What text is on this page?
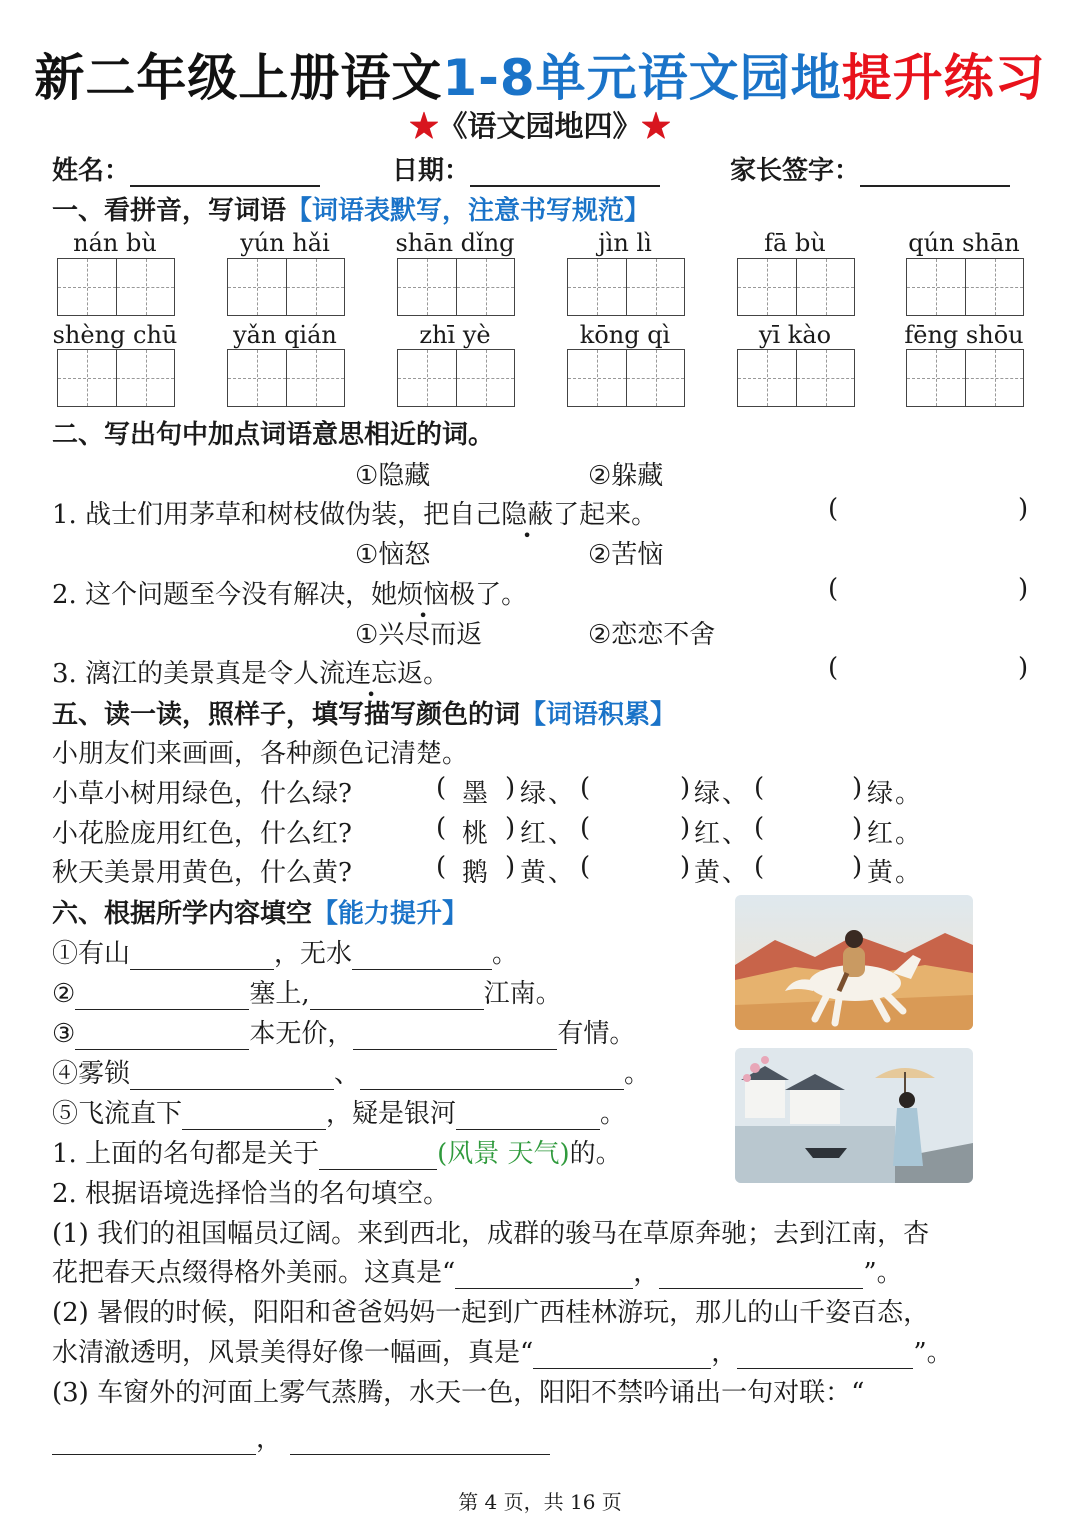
新二年级上册语文1-8单元语文园地提升练习
★《语文园地四》★
姓名：	日期：	家长签字：
一、看拼音，写词语【词语表默写，注意书写规范】
nán bù	yún hǎi	shān dǐng	jìn lì	fā bù	qún shān
shèng chū	yǎn qián	zhī yè	kōng qì	yī kào	fēng shōu
二、写出句中加点词语意思相近的词。
①隐藏	②躲藏
1. 战士们用茅草和树枝做伪装，把自己隐蔽了起来。	(	)
①恼怒	②苦恼
2. 这个问题至今没有解决，她烦恼极了。	(	)
①兴尽而返	②恋恋不舍
3. 漓江的美景真是令人流连忘返。	(	)
五、读一读，照样子，填写描写颜色的词【词语积累】
小朋友们来画画，各种颜色记清楚。
小草小树用绿色，什么绿?	( 墨 ) 绿 、 (	) 绿 、 (	) 绿 。
小花脸庞用红色，什么红?	( 桃 ) 红 、 (	) 红 、 (	) 红 。
秋天美景用黄色，什么黄?	( 鹅 ) 黄 、 (	) 黄 、 (	) 黄 。
六、根据所学内容填空【能力提升】
①有山	，无水	。
②	塞上,	江南。
③	本无价，	有情。
④雾锁	、	。
⑤飞流直下	，疑是银河	。
1. 上面的名句都是关于	(风景 天气)的。
2. 根据语境选择恰当的名句填空。
(1) 我们的祖国幅员辽阔。来到西北，成群的骏马在草原奔驰；去到江南，杏
花把春天点缀得格外美丽。这真是“	，	”。
(2) 暑假的时候，阳阳和爸爸妈妈一起到广西桂林游玩，那儿的山千姿百态，
水清澈透明，风景美得好像一幅画，真是“	，	”。
(3) 车窗外的河面上雾气蒸腾，水天一色，阳阳不禁吟诵出一句对联：“
，
第 4 页，共 16 页
